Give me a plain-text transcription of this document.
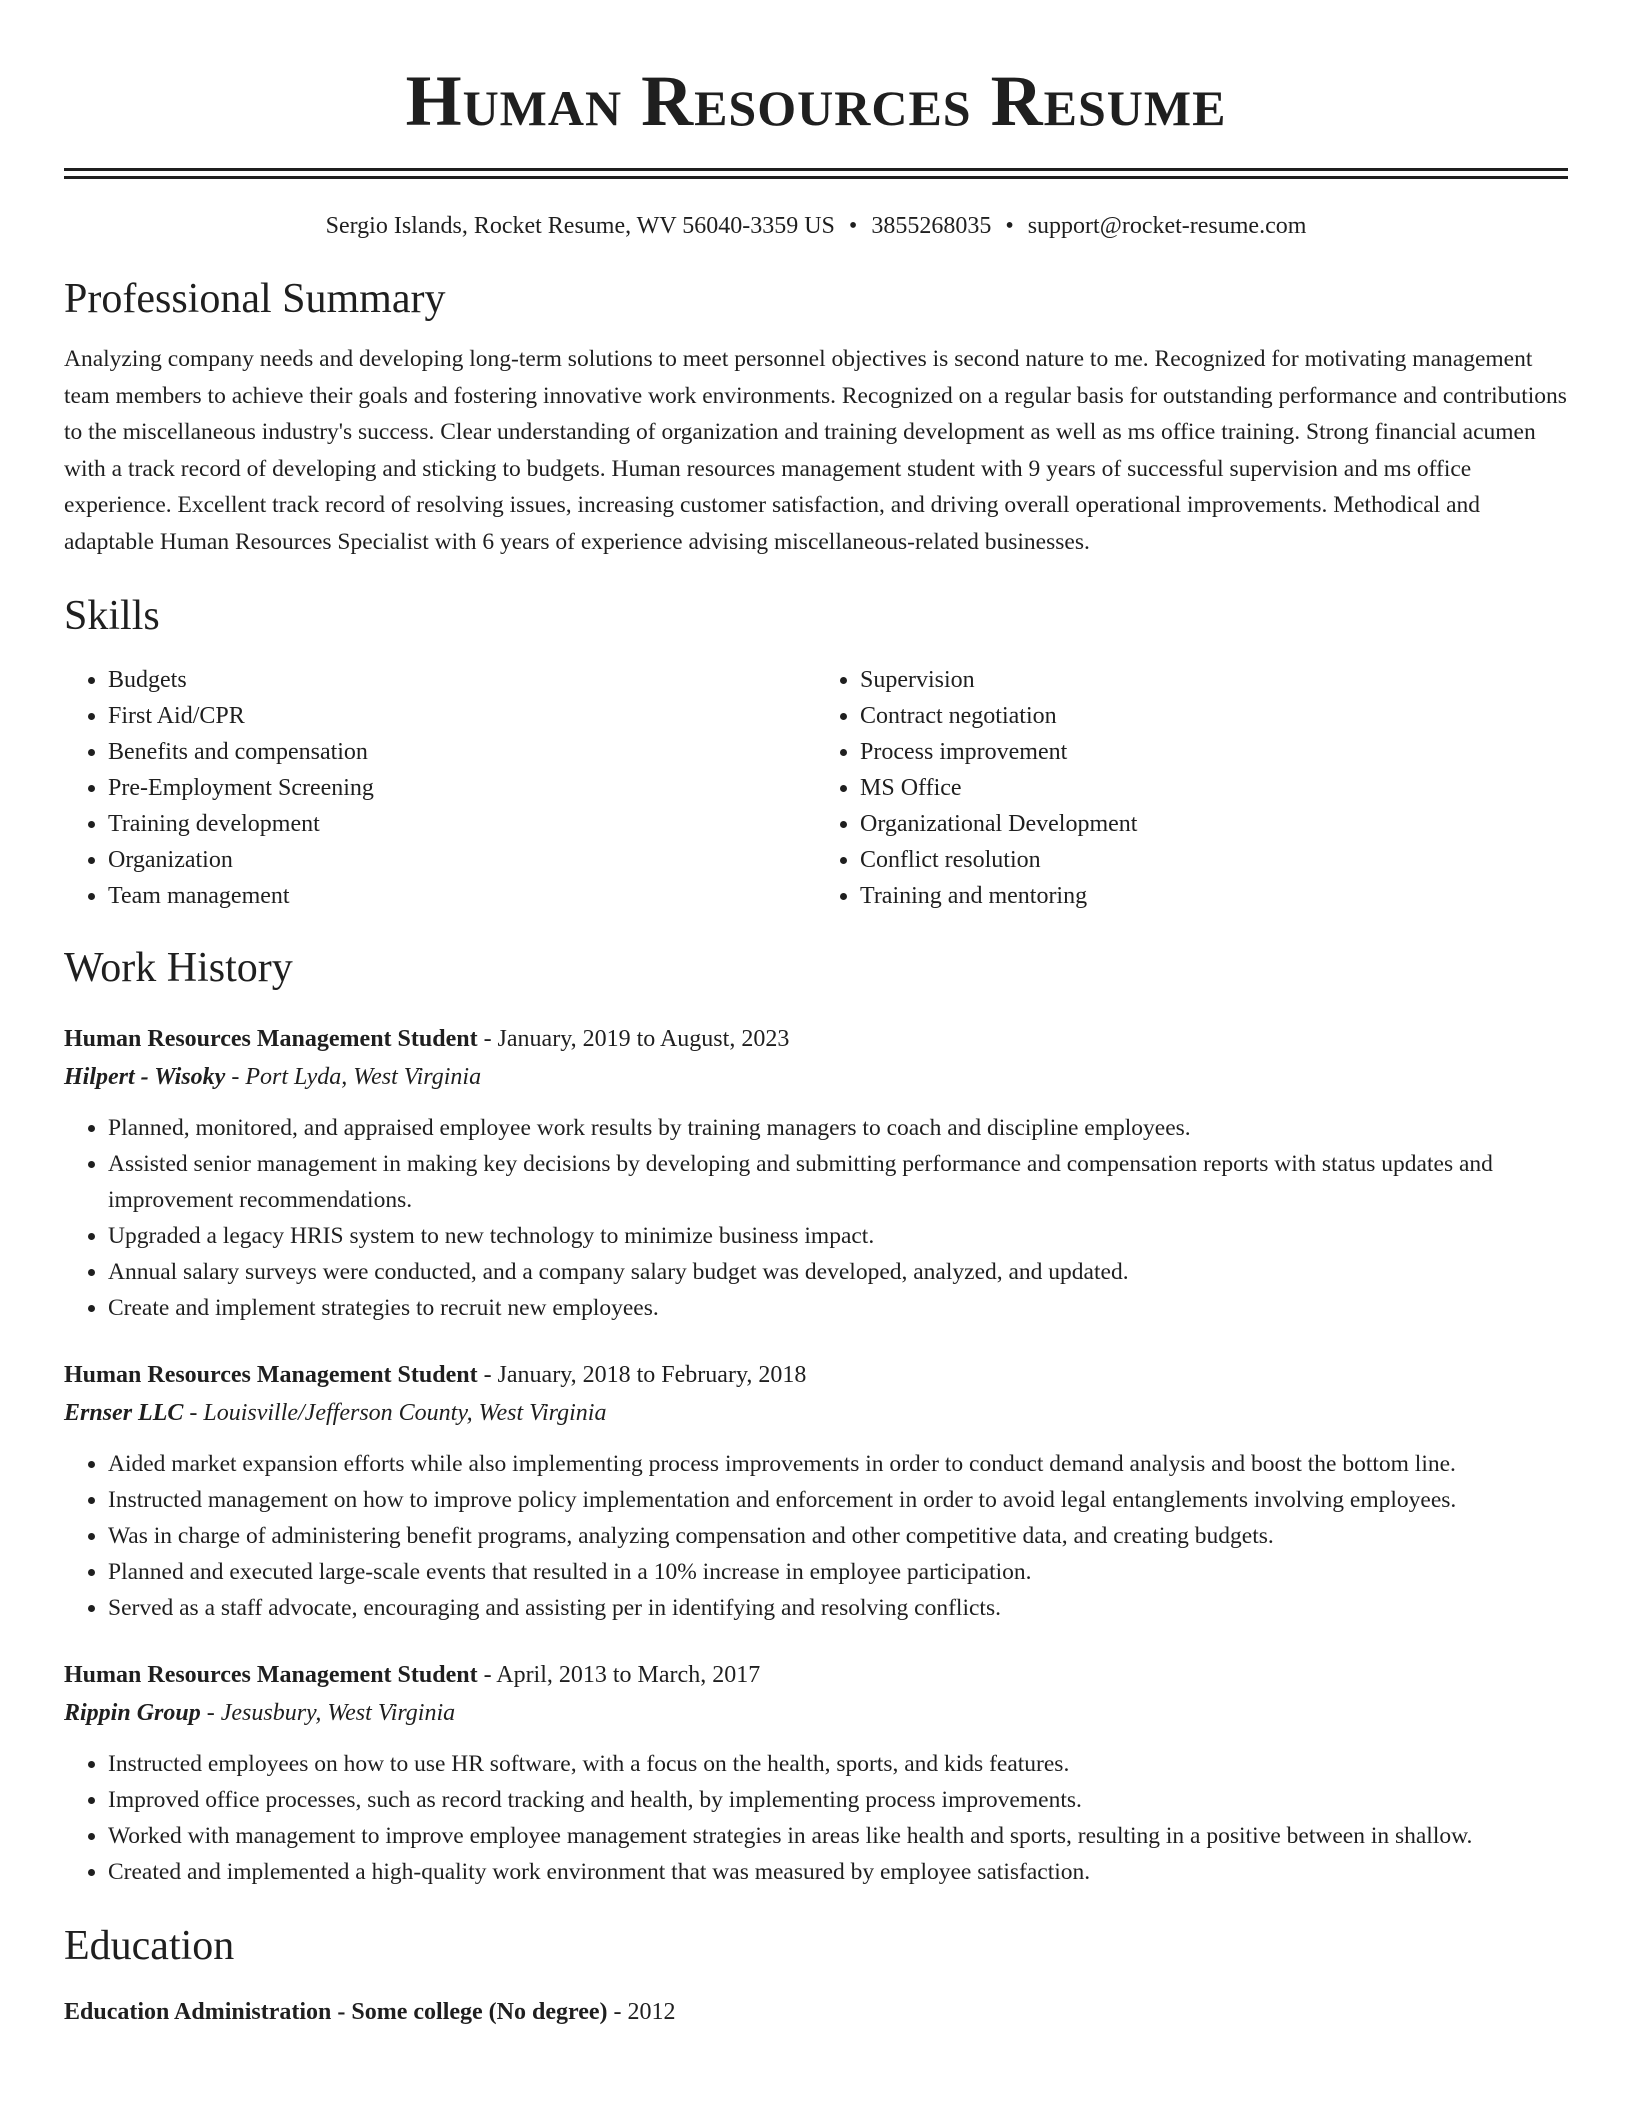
Human Resources Resume
Sergio Islands, Rocket Resume, WV 56040-3359 US • 3855268035 • support@rocket-resume.com
Professional Summary
Analyzing company needs and developing long-term solutions to meet personnel objectives is second nature to me. Recognized for motivating management team members to achieve their goals and fostering innovative work environments. Recognized on a regular basis for outstanding performance and contributions to the miscellaneous industry's success. Clear understanding of organization and training development as well as ms office training. Strong financial acumen with a track record of developing and sticking to budgets. Human resources management student with 9 years of successful supervision and ms office experience. Excellent track record of resolving issues, increasing customer satisfaction, and driving overall operational improvements. Methodical and adaptable Human Resources Specialist with 6 years of experience advising miscellaneous-related businesses.
Skills
• Budgets
• First Aid/CPR
• Benefits and compensation
• Pre-Employment Screening
• Training development
• Organization
• Team management
• Supervision
• Contract negotiation
• Process improvement
• MS Office
• Organizational Development
• Conflict resolution
• Training and mentoring
Work History
Human Resources Management Student - January, 2019 to August, 2023
Hilpert - Wisoky - Port Lyda, West Virginia
• Planned, monitored, and appraised employee work results by training managers to coach and discipline employees.
• Assisted senior management in making key decisions by developing and submitting performance and compensation reports with status updates and improvement recommendations.
• Upgraded a legacy HRIS system to new technology to minimize business impact.
• Annual salary surveys were conducted, and a company salary budget was developed, analyzed, and updated.
• Create and implement strategies to recruit new employees.
Human Resources Management Student - January, 2018 to February, 2018
Ernser LLC - Louisville/Jefferson County, West Virginia
• Aided market expansion efforts while also implementing process improvements in order to conduct demand analysis and boost the bottom line.
• Instructed management on how to improve policy implementation and enforcement in order to avoid legal entanglements involving employees.
• Was in charge of administering benefit programs, analyzing compensation and other competitive data, and creating budgets.
• Planned and executed large-scale events that resulted in a 10% increase in employee participation.
• Served as a staff advocate, encouraging and assisting per in identifying and resolving conflicts.
Human Resources Management Student - April, 2013 to March, 2017
Rippin Group - Jesusbury, West Virginia
• Instructed employees on how to use HR software, with a focus on the health, sports, and kids features.
• Improved office processes, such as record tracking and health, by implementing process improvements.
• Worked with management to improve employee management strategies in areas like health and sports, resulting in a positive between in shallow.
• Created and implemented a high-quality work environment that was measured by employee satisfaction.
Education
Education Administration - Some college (No degree) - 2012
